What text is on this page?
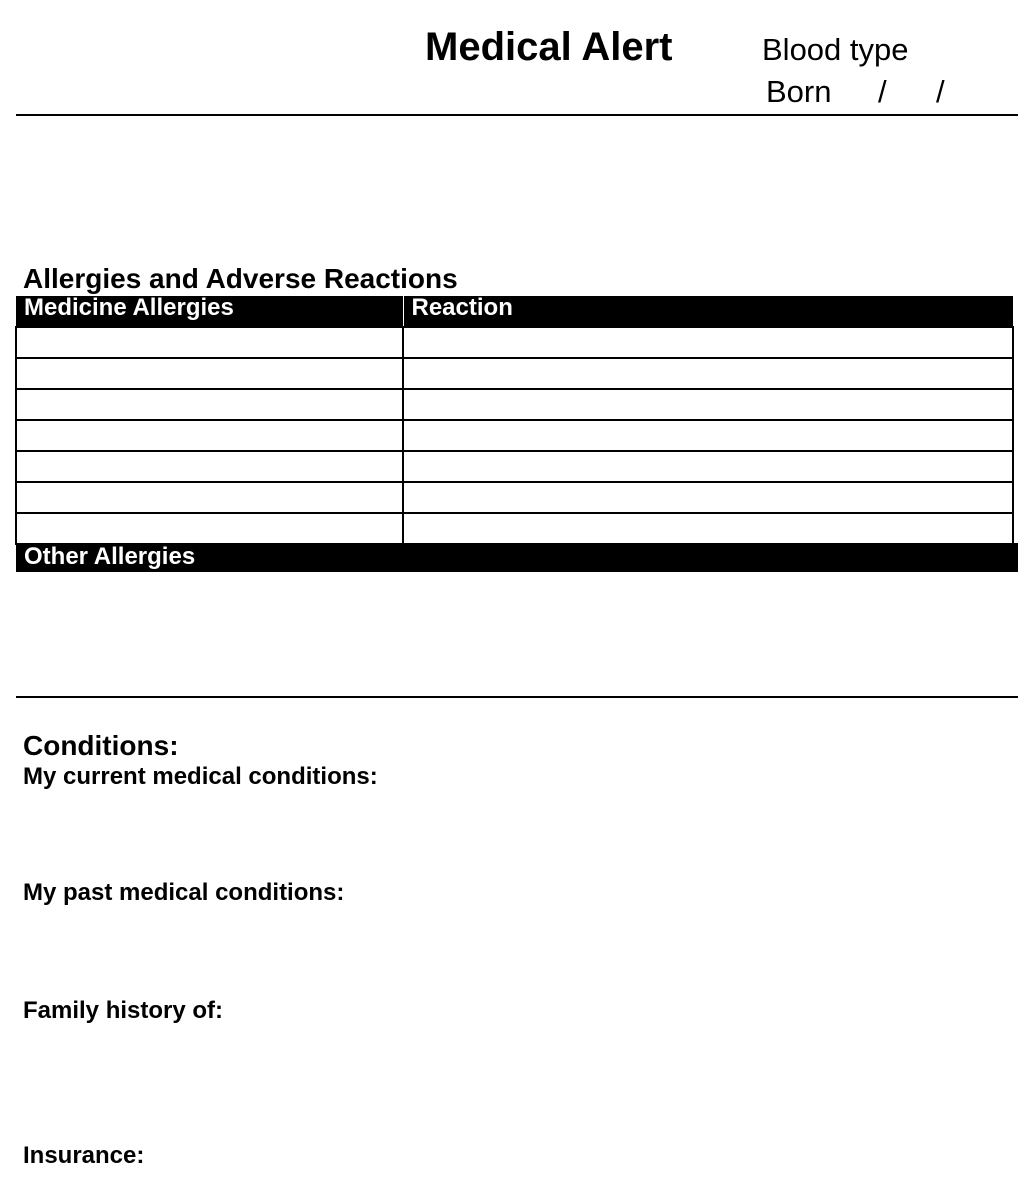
Medical Alert	Blood type
Born / /
Allergies and Adverse Reactions
Medicine Allergies	Reaction

Other Allergies
Conditions:
My current medical conditions:
My past medical conditions:
Family history of:
Insurance:
